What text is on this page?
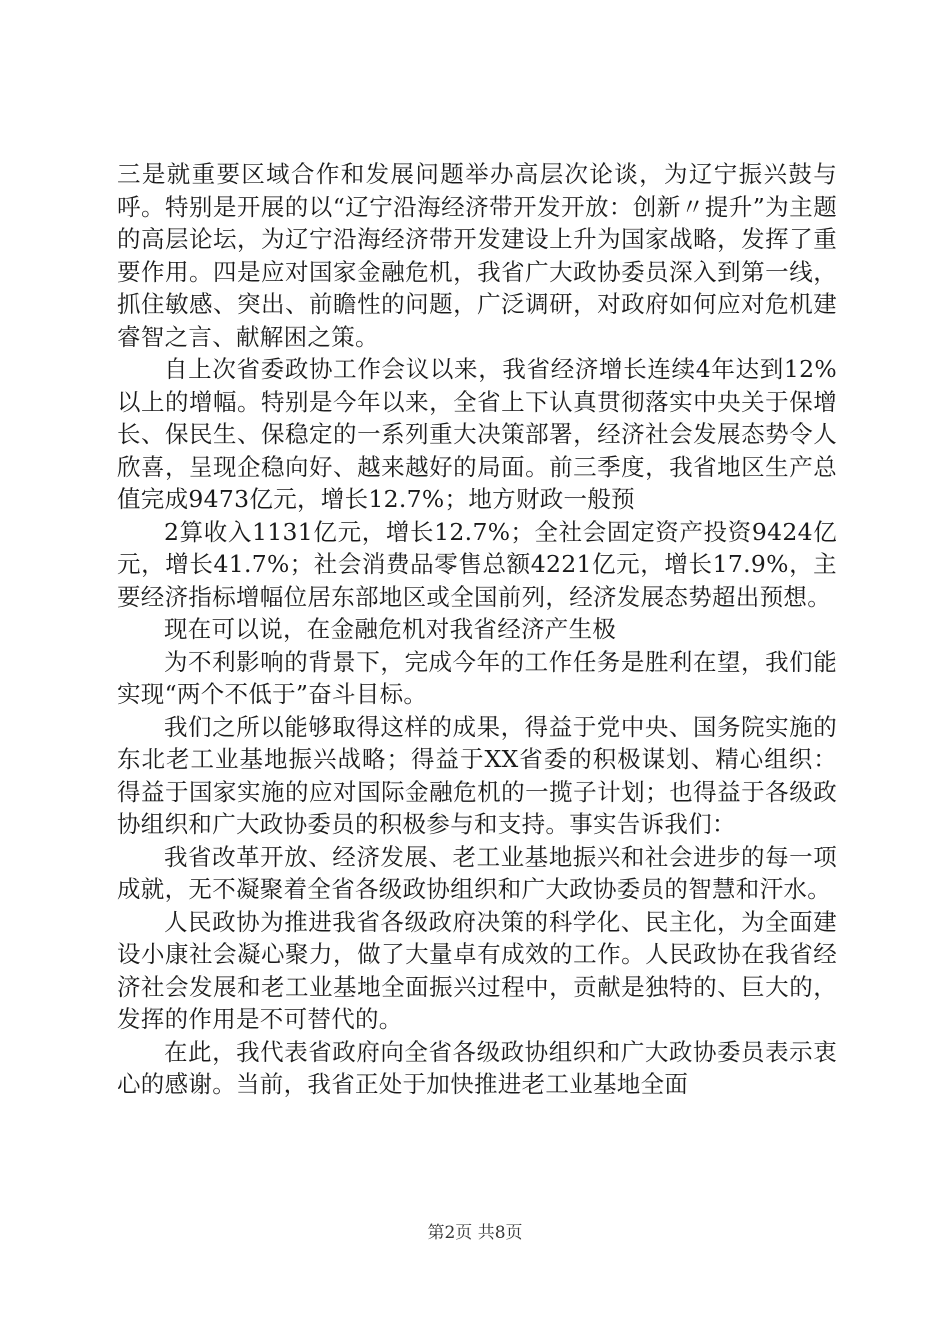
三是就重要区域合作和发展问题举办高层次论谈，为辽宁振兴鼓与呼。特别是开展的以“辽宁沿海经济带开发开放：创新〃提升”为主题的高层论坛，为辽宁沿海经济带开发建设上升为国家战略，发挥了重要作用。四是应对国家金融危机，我省广大政协委员深入到第一线，抓住敏感、突出、前瞻性的问题，广泛调研，对政府如何应对危机建睿智之言、献解困之策。

自上次省委政协工作会议以来，我省经济增长连续4年达到12%以上的增幅。特别是今年以来，全省上下认真贯彻落实中央关于保增长、保民生、保稳定的一系列重大决策部署，经济社会发展态势令人欣喜，呈现企稳向好、越来越好的局面。前三季度，我省地区生产总值完成9473亿元，增长12.7%；地方财政一般预

2算收入1131亿元，增长12.7%；全社会固定资产投资9424亿元，增长41.7%；社会消费品零售总额4221亿元，增长17.9%，主要经济指标增幅位居东部地区或全国前列，经济发展态势超出预想。

现在可以说，在金融危机对我省经济产生极

为不利影响的背景下，完成今年的工作任务是胜利在望，我们能实现“两个不低于”奋斗目标。

我们之所以能够取得这样的成果，得益于党中央、国务院实施的东北老工业基地振兴战略；得益于XX省委的积极谋划、精心组织：得益于国家实施的应对国际金融危机的一揽子计划；也得益于各级政协组织和广大政协委员的积极参与和支持。事实告诉我们：

我省改革开放、经济发展、老工业基地振兴和社会进步的每一项成就，无不凝聚着全省各级政协组织和广大政协委员的智慧和汗水。

人民政协为推进我省各级政府决策的科学化、民主化，为全面建设小康社会凝心聚力，做了大量卓有成效的工作。人民政协在我省经济社会发展和老工业基地全面振兴过程中，贡献是独特的、巨大的，发挥的作用是不可替代的。

在此，我代表省政府向全省各级政协组织和广大政协委员表示衷心的感谢。当前，我省正处于加快推进老工业基地全面

第2页 共8页
